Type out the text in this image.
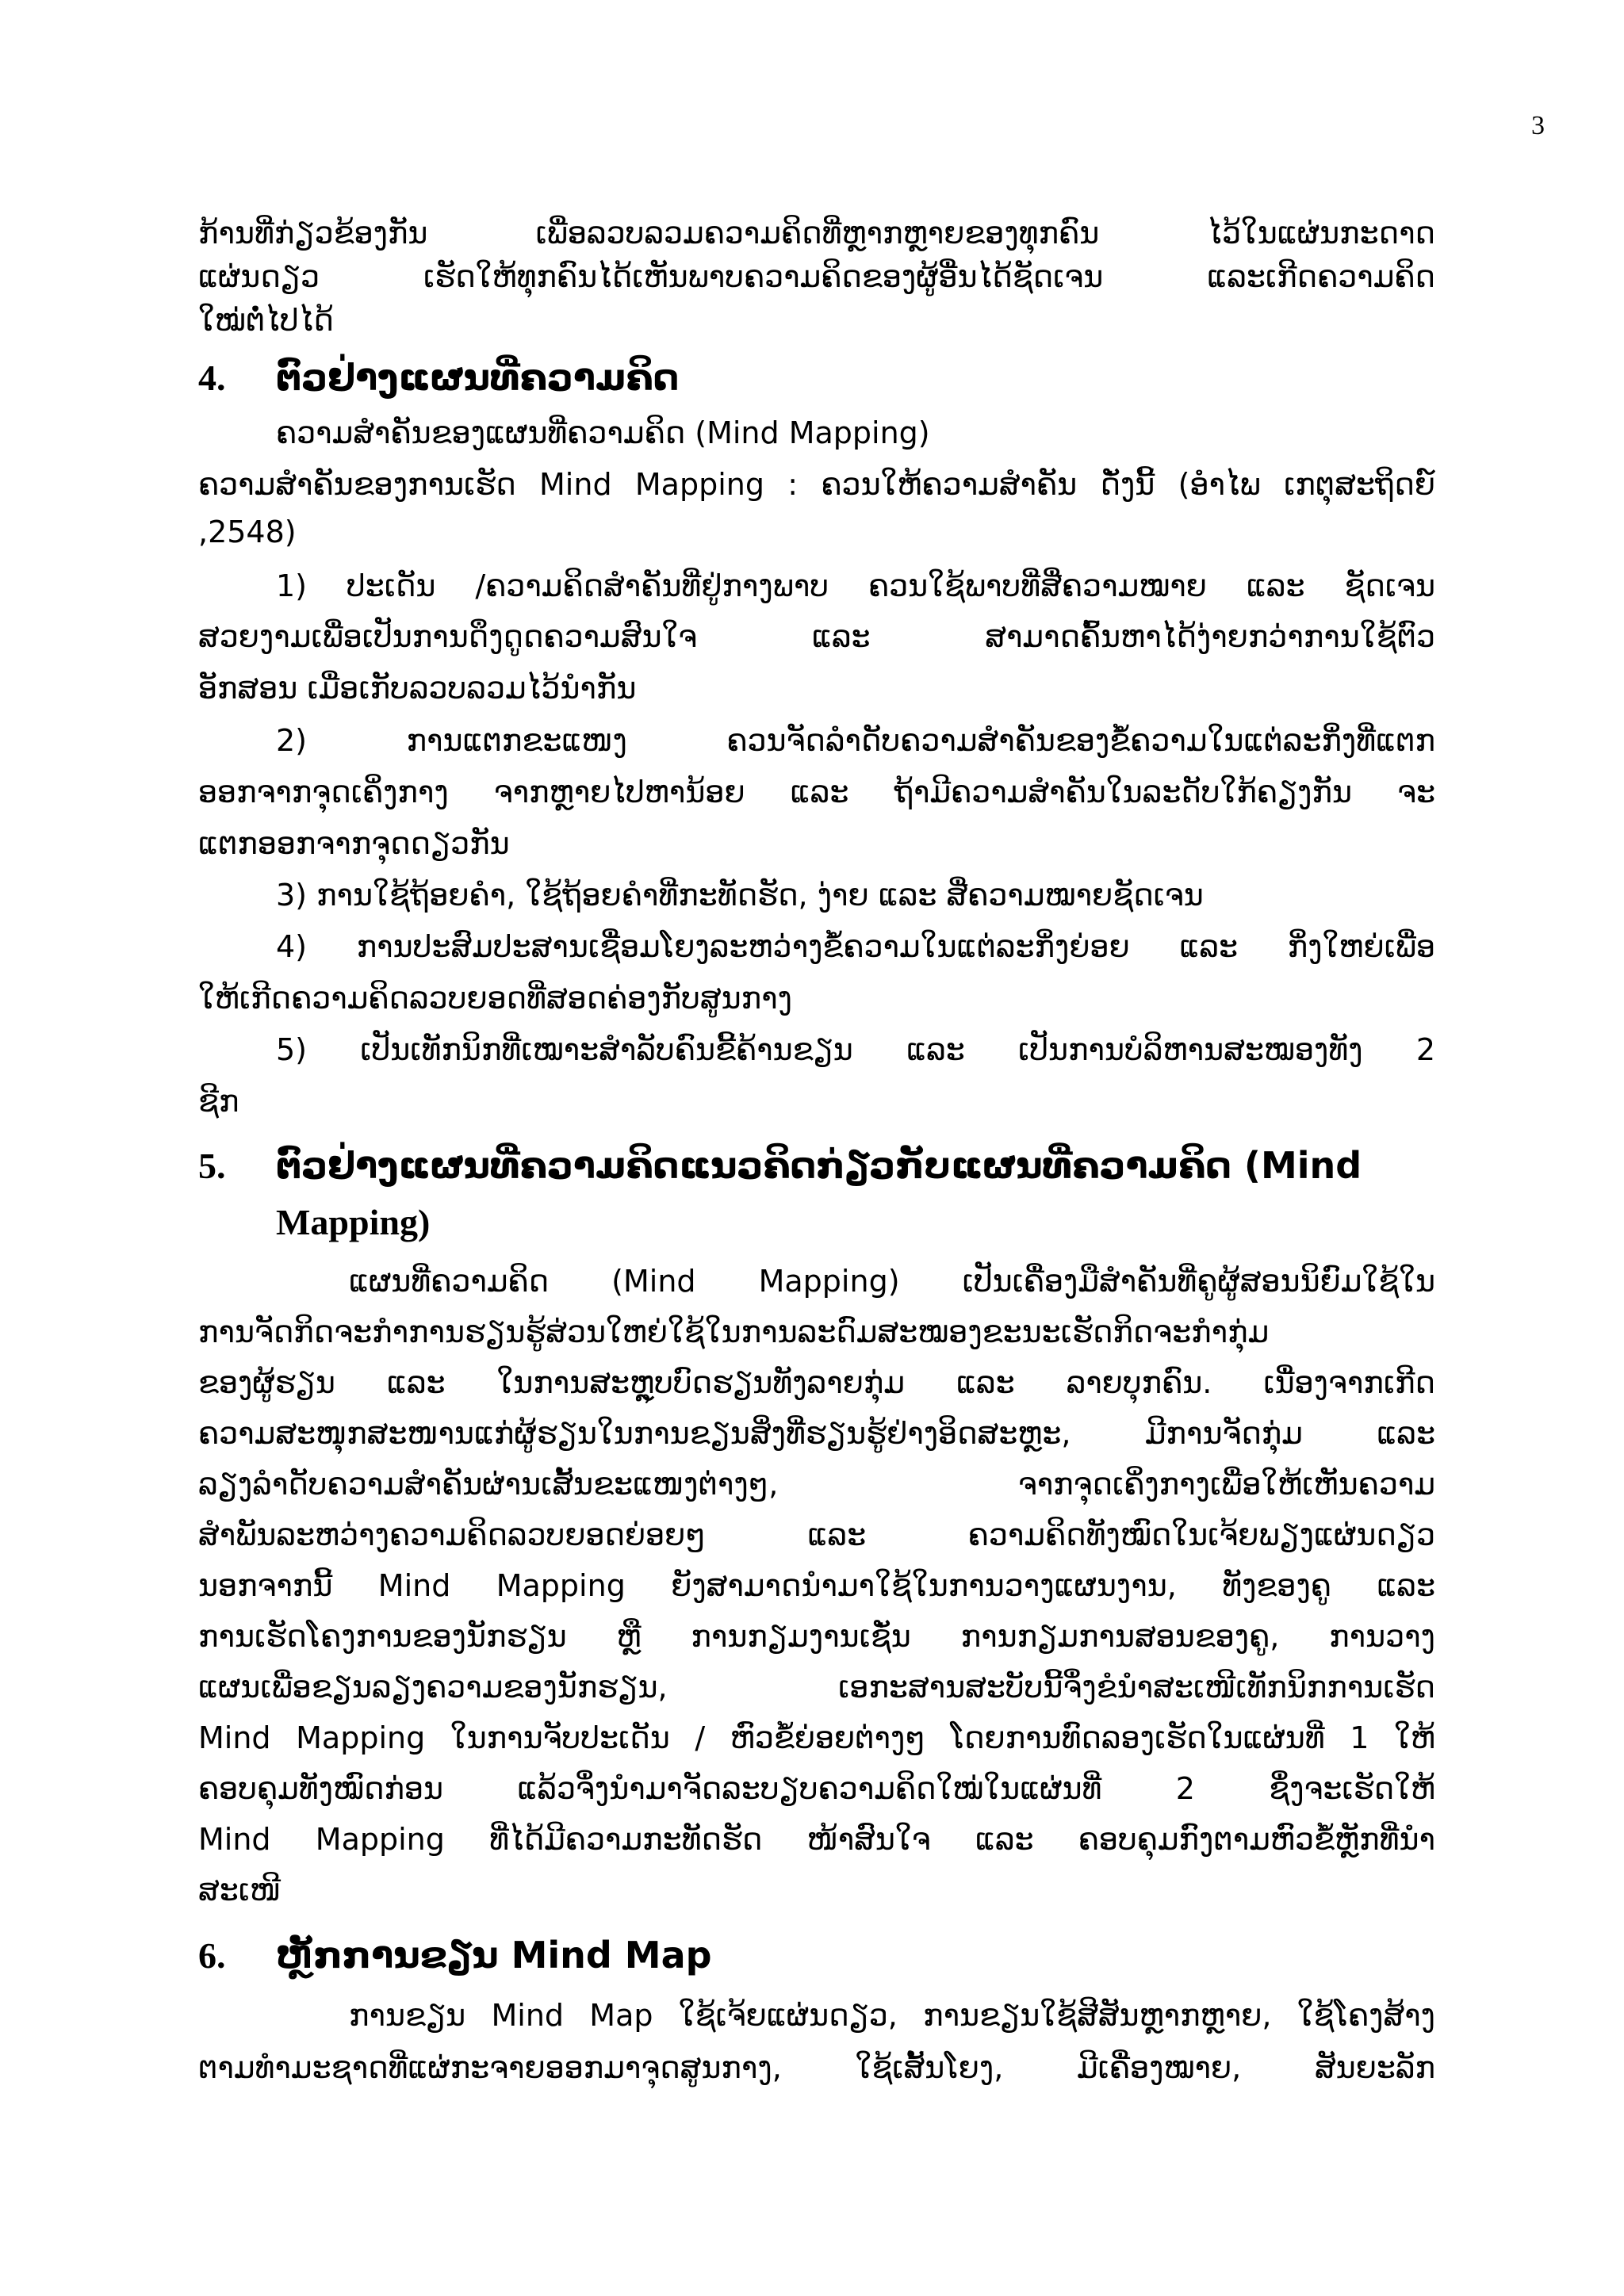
3
ກ້ານທີ່ກ່ຽວຂ້ອງກັນ ເພື່ອລວບລວມຄວາມຄິດທີ່ຫຼາກຫຼາຍຂອງທຸກຄົນ ໄວ້ໃນແຜ່ນກະດາດ
ແຜ່ນດຽວ ເຮັດໃຫ້ທຸກຄົນໄດ້ເຫັນພາບຄວາມຄິດຂອງຜູ້ອື່ນໄດ້ຊັດເຈນ ແລະເກີດຄວາມຄິດ
ໃໝ່ຕໍ່ໄປໄດ້
4. ຕົວຢ່າງແຜນທີ່ຄວາມຄິດ
ຄວາມສຳຄັນຂອງແຜນທີ່ຄວາມຄິດ (Mind Mapping)
ຄວາມສຳຄັນຂອງການເຮັດ Mind Mapping : ຄວນໃຫ້ຄວາມສຳຄັນ ດັ່ງນີ້ (ອຳໄພ ເກຕຸສະຖິດຍ໌
,2548)
1) ປະເດັນ /ຄວາມຄິດສຳຄັນທີ່ຢູ່ກາງພາບ ຄວນໃຊ້ພາບທີ່ສື່ຄວາມໝາຍ ແລະ ຊັດເຈນ
ສວຍງາມເພື່ອເປັນການດຶງດູດຄວາມສົນໃຈ ແລະ ສາມາດຄົ້ນຫາໄດ້ງ່າຍກວ່າການໃຊ້ຕົວ
ອັກສອນ ເມື່ອເກັບລວບລວມໄວ້ນຳກັນ
2) ການແຕກຂະແໜງ ຄວນຈັດລຳດັບຄວາມສຳຄັນຂອງຂໍ້ຄວາມໃນແຕ່ລະກິ່ງທີ່ແຕກ
ອອກຈາກຈຸດເຄິ່ງກາງ ຈາກຫຼາຍໄປຫານ້ອຍ ແລະ ຖ້າມີຄວາມສຳຄັນໃນລະດັບໃກ້ຄຽງກັນ ຈະ
ແຕກອອກຈາກຈຸດດຽວກັນ
3) ການໃຊ້ຖ້ອຍຄຳ, ໃຊ້ຖ້ອຍຄຳທີ່ກະທັດຮັດ, ງ່າຍ ແລະ ສື່ຄວາມໝາຍຊັດເຈນ
4) ການປະສົມປະສານເຊື່ອມໂຍງລະຫວ່າງຂໍ້ຄວາມໃນແຕ່ລະກິ່ງຍ່ອຍ ແລະ ກິ່ງໃຫຍ່ເພື່ອ
ໃຫ້ເກີດຄວາມຄິດລວບຍອດທີ່ສອດຄ່ອງກັບສູນກາງ
5) ເປັນເທັກນິກທີ່ເໝາະສຳລັບຄົນຂີ້ຄ້ານຂຽນ ແລະ ເປັນການບໍລິຫານສະໝອງທັງ 2
ຊີກ
5. ຕົວຢ່າງແຜນທີ່ຄວາມຄິດແນວຄິດກ່ຽວກັບແຜນທີ່ຄວາມຄິດ (Mind
Mapping)
ແຜນທີ່ຄວາມຄິດ (Mind Mapping) ເປັນເຄື່ອງມືສຳຄັນທີ່ຄູຜູ້ສອນນິຍົມໃຊ້ໃນ
ການຈັດກິດຈະກຳການຮຽນຮູ້ສ່ວນໃຫຍ່ໃຊ້ໃນການລະດົມສະໝອງຂະນະເຮັດກິດຈະກຳກຸ່ມ
ຂອງຜູ້ຮຽນ ແລະ ໃນການສະຫຼຸບບົດຮຽນທັງລາຍກຸ່ມ ແລະ ລາຍບຸກຄົນ. ເນື່ອງຈາກເກີດ
ຄວາມສະໜຸກສະໜານແກ່ຜູ້ຮຽນໃນການຂຽນສິ່ງທີ່ຮຽນຮູ້ຢ່າງອິດສະຫຼະ, ມີການຈັດກຸ່ມ ແລະ
ລຽງລຳດັບຄວາມສຳຄັນຜ່ານເສັ້ນຂະແໜງຕ່າງໆ, ຈາກຈຸດເຄິ່ງກາງເພື່ອໃຫ້ເຫັນຄວາມ
ສຳພັນລະຫວ່າງຄວາມຄິດລວບຍອດຍ່ອຍໆ ແລະ ຄວາມຄິດທັງໝົດໃນເຈ້ຍພຽງແຜ່ນດຽວ
ນອກຈາກນີ້ Mind Mapping ຍັງສາມາດນຳມາໃຊ້ໃນການວາງແຜນງານ, ທັງຂອງຄູ ແລະ
ການເຮັດໂຄງການຂອງນັກຮຽນ ຫຼື ການກຽມງານເຊັ່ນ ການກຽມການສອນຂອງຄູ, ການວາງ
ແຜນເພື່ອຂຽນລຽງຄວາມຂອງນັກຮຽນ, ເອກະສານສະບັບນີ້ຈຶ່ງຂໍນຳສະເໜີເທັກນິກການເຮັດ
Mind Mapping ໃນການຈັບປະເດັນ / ຫົວຂໍ້ຍ່ອຍຕ່າງໆ ໂດຍການທົດລອງເຮັດໃນແຜ່ນທີ່ 1 ໃຫ້
ຄອບຄຸມທັງໝົດກ່ອນ ແລ້ວຈຶ່ງນຳມາຈັດລະບຽບຄວາມຄິດໃໝ່ໃນແຜ່ນທີ່ 2 ຊຶ່ງຈະເຮັດໃຫ້
Mind Mapping ທີ່ໄດ້ມີຄວາມກະທັດຮັດ ໜ້າສົນໃຈ ແລະ ຄອບຄຸມກົງຕາມຫົວຂໍ້ຫຼັກທີ່ນຳ
ສະເໜີ
6. ຫຼັກການຂຽນ Mind Map
ການຂຽນ Mind Map ໃຊ້ເຈ້ຍແຜ່ນດຽວ, ການຂຽນໃຊ້ສີສັນຫຼາກຫຼາຍ, ໃຊ້ໂຄງສ້າງ
ຕາມທຳມະຊາດທີ່ແຜ່ກະຈາຍອອກມາຈຸດສູນກາງ, ໃຊ້ເສັ້ນໂຍງ, ມີເຄື່ອງໝາຍ, ສັນຍະລັກ
